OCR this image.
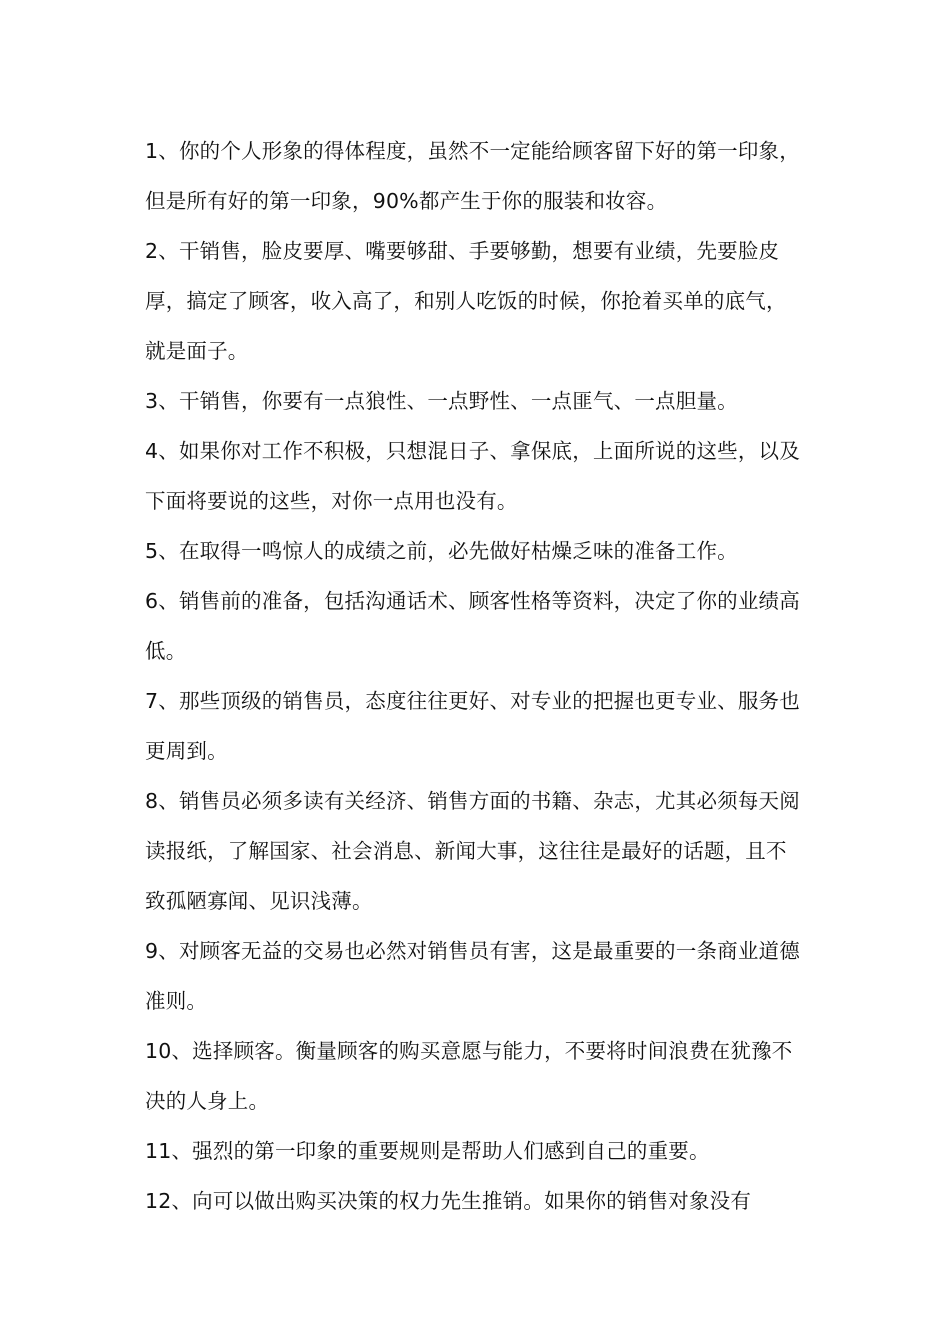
1、你的个人形象的得体程度，虽然不一定能给顾客留下好的第一印象，但是所有好的第一印象，90%都产生于你的服装和妆容。

2、干销售，脸皮要厚、嘴要够甜、手要够勤，想要有业绩，先要脸皮厚，搞定了顾客，收入高了，和别人吃饭的时候，你抢着买单的底气，就是面子。

3、干销售，你要有一点狼性、一点野性、一点匪气、一点胆量。

4、如果你对工作不积极，只想混日子、拿保底，上面所说的这些，以及下面将要说的这些，对你一点用也没有。

5、在取得一鸣惊人的成绩之前，必先做好枯燥乏味的准备工作。

6、销售前的准备，包括沟通话术、顾客性格等资料，决定了你的业绩高低。

7、那些顶级的销售员，态度往往更好、对专业的把握也更专业、服务也更周到。

8、销售员必须多读有关经济、销售方面的书籍、杂志，尤其必须每天阅读报纸，了解国家、社会消息、新闻大事，这往往是最好的话题，且不致孤陋寡闻、见识浅薄。

9、对顾客无益的交易也必然对销售员有害，这是最重要的一条商业道德准则。

10、选择顾客。衡量顾客的购买意愿与能力，不要将时间浪费在犹豫不决的人身上。

11、强烈的第一印象的重要规则是帮助人们感到自己的重要。

12、向可以做出购买决策的权力先生推销。如果你的销售对象没有
